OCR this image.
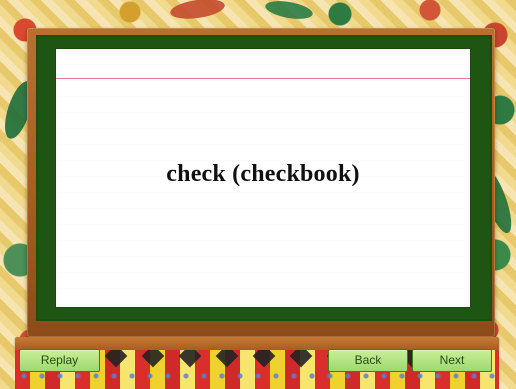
check (checkbook)
Replay	Back	Next
